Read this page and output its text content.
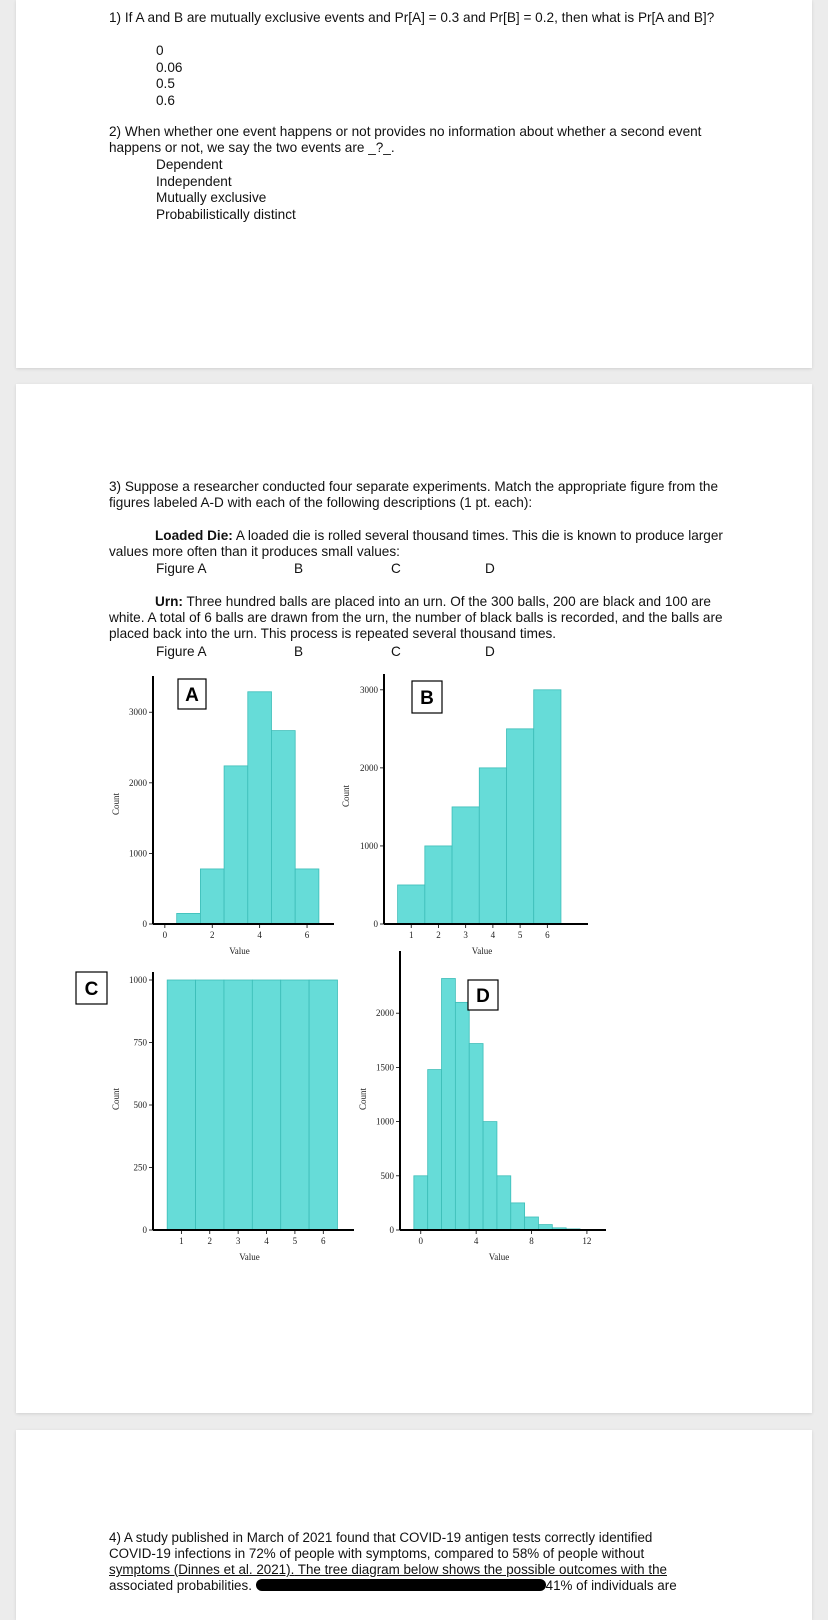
1) If A and B are mutually exclusive events and Pr[A] = 0.3 and Pr[B] = 0.2, then what is Pr[A and B]?
0
0.06
0.5
0.6
2) When whether one event happens or not provides no information about whether a second event happens or not, we say the two events are _?_.
Dependent
Independent
Mutually exclusive
Probabilistically distinct
3) Suppose a researcher conducted four separate experiments. Match the appropriate figure from the figures labeled A-D with each of the following descriptions (1 pt. each):
Loaded Die: A loaded die is rolled several thousand times. This die is known to produce larger values more often than it produces small values:
Figure A	B	C	D
Urn: Three hundred balls are placed into an urn. Of the 300 balls, 200 are black and 100 are white. A total of 6 balls are drawn from the urn, the number of black balls is recorded, and the balls are placed back into the urn. This process is repeated several thousand times.
Figure A	B	C	D
0
1000
2000
3000
0	2	4	6
Value
Count
A
0
1000
2000
3000
1	2	3	4	5	6
Value
Count
B
0
250
500
750
1000
1	2	3	4	5	6
Value
Count
C
0
500
1000
1500
2000
0	4	8	12
Value
Count
D
4) A study published in March of 2021 found that COVID-19 antigen tests correctly identified
COVID-19 infections in 72% of people with symptoms, compared to 58% of people without
symptoms (Dinnes et al. 2021). The tree diagram below shows the possible outcomes with the
associated probabilities.	41% of individuals are
